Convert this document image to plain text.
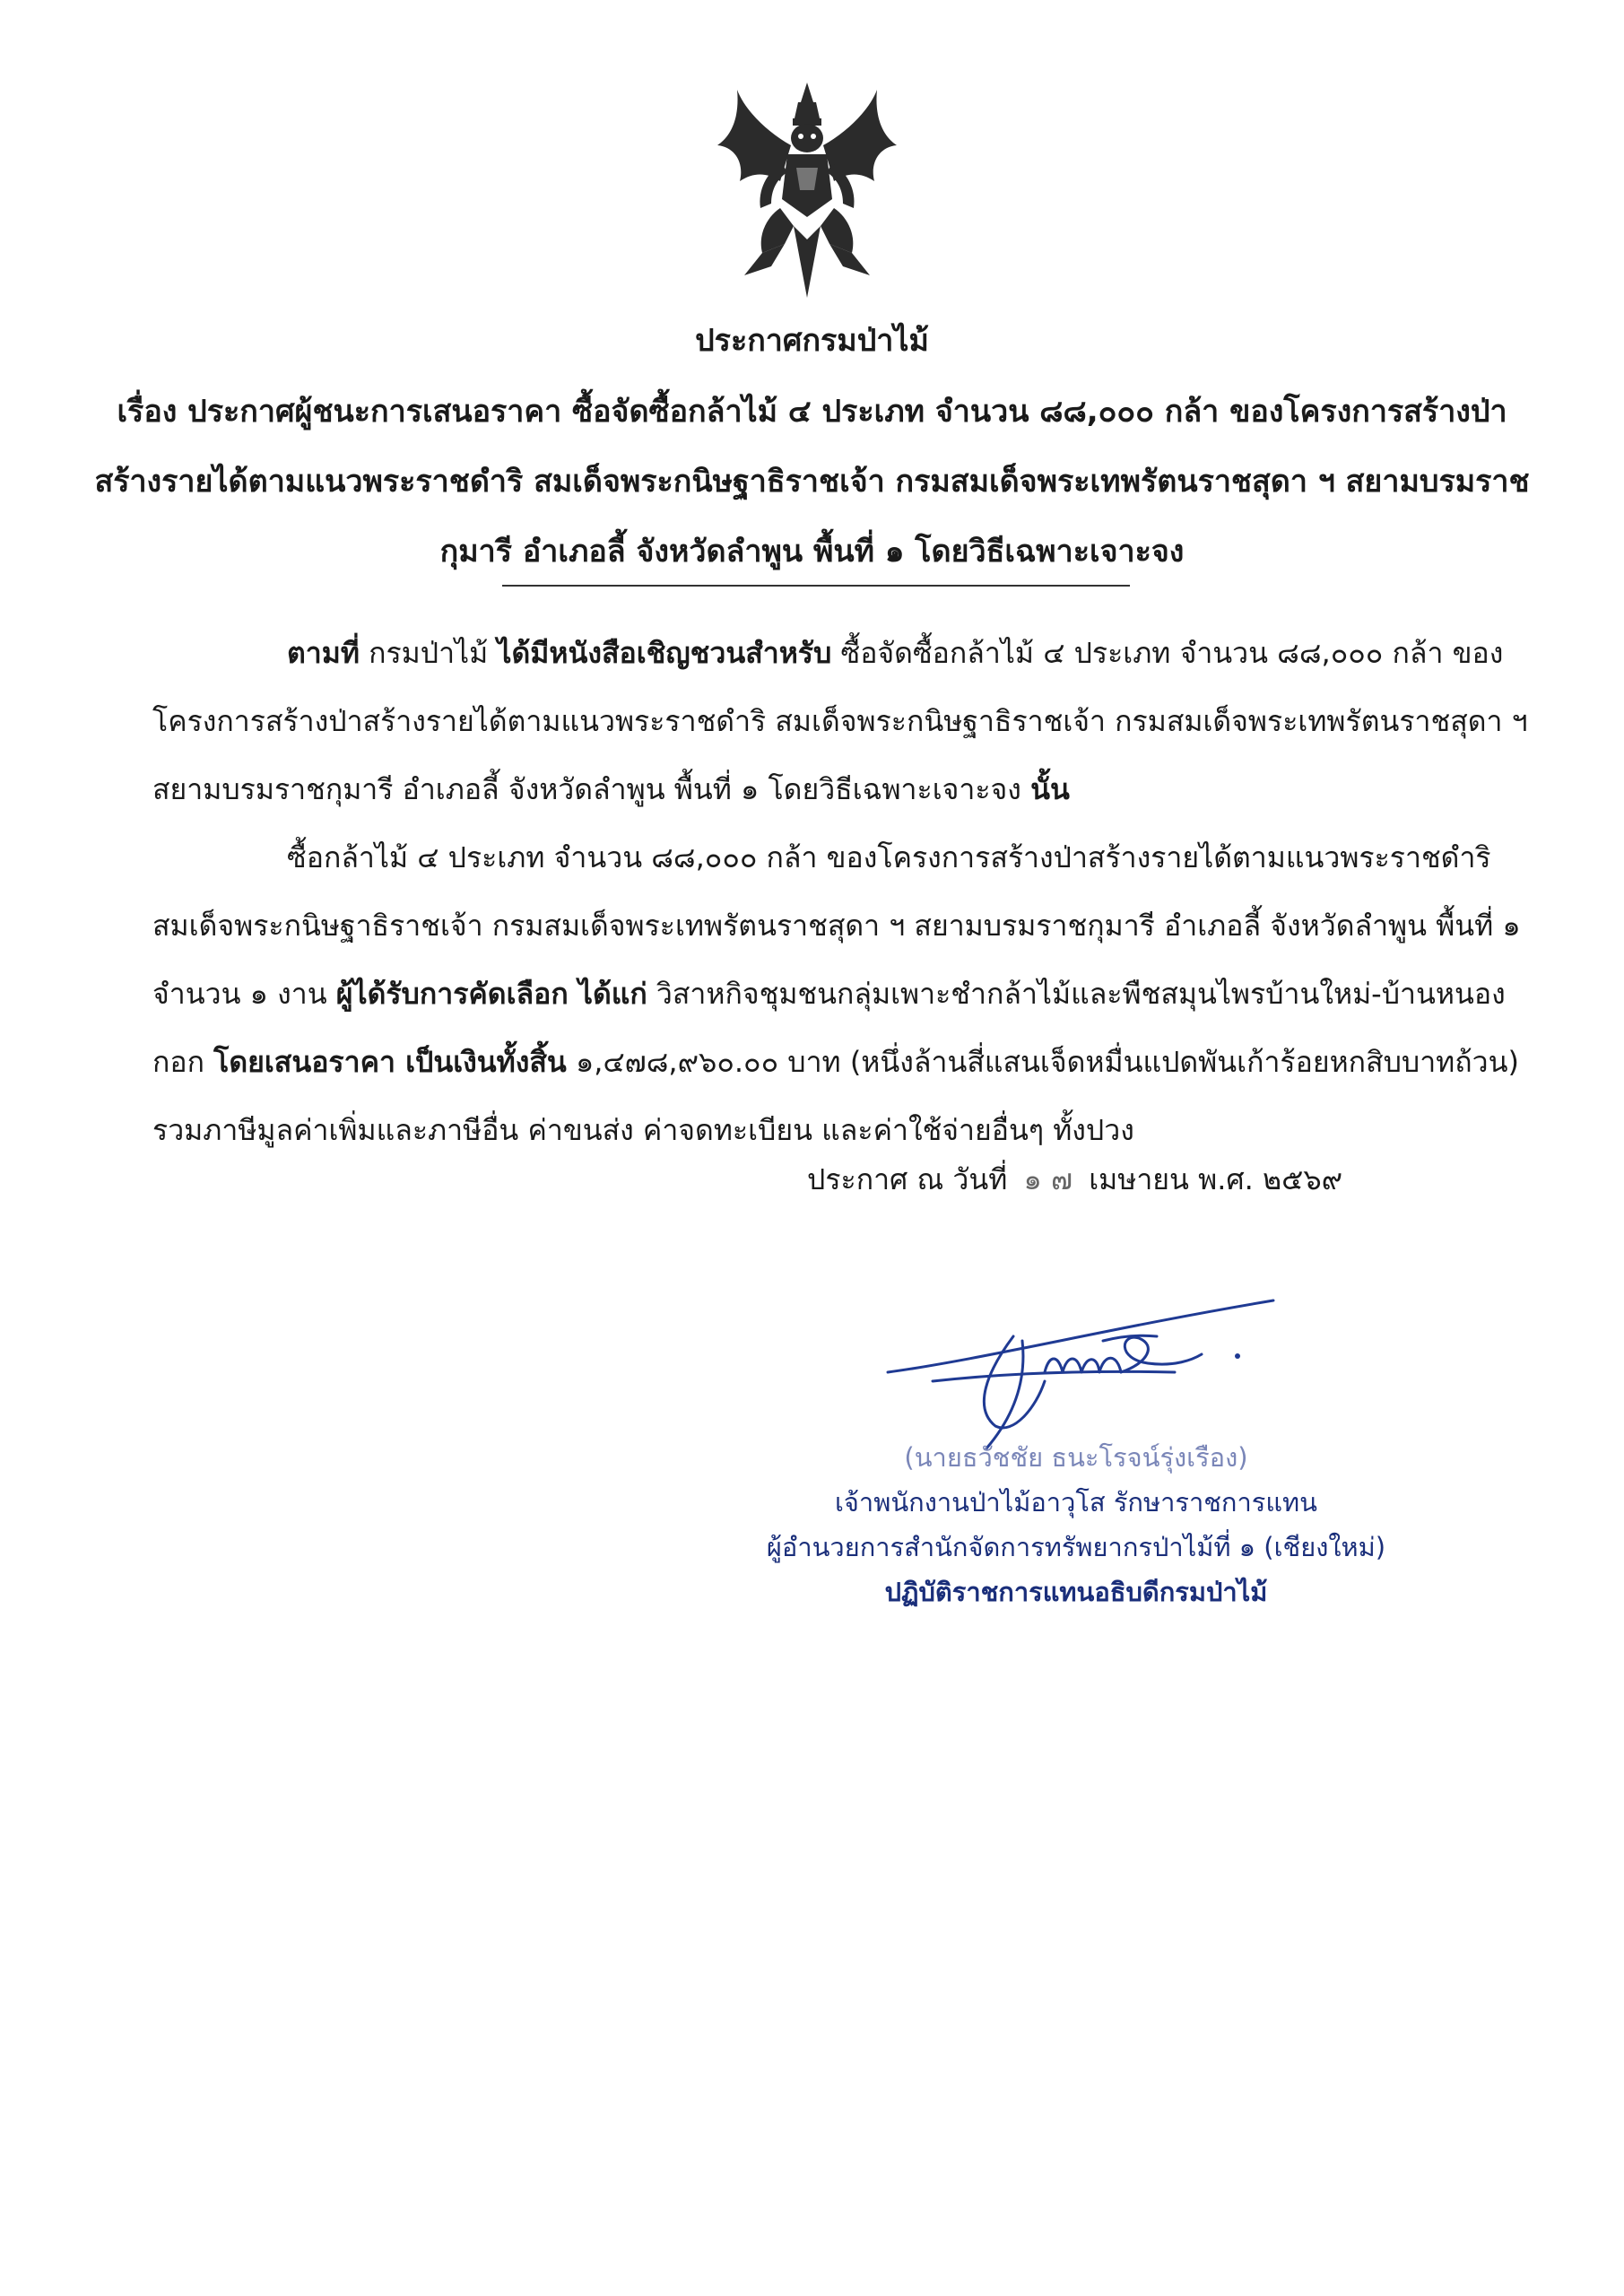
ประกาศกรมป่าไม้
เรื่อง ประกาศผู้ชนะการเสนอราคา ซื้อจัดซื้อกล้าไม้ ๔ ประเภท จำนวน ๘๘,๐๐๐ กล้า ของโครงการสร้างป่า
สร้างรายได้ตามแนวพระราชดำริ สมเด็จพระกนิษฐาธิราชเจ้า กรมสมเด็จพระเทพรัตนราชสุดา ฯ สยามบรมราช
กุมารี อำเภอลี้ จังหวัดลำพูน พื้นที่ ๑ โดยวิธีเฉพาะเจาะจง
ตามที่ กรมป่าไม้ ได้มีหนังสือเชิญชวนสำหรับ ซื้อจัดซื้อกล้าไม้ ๔ ประเภท จำนวน ๘๘,๐๐๐ กล้า ของ
โครงการสร้างป่าสร้างรายได้ตามแนวพระราชดำริ สมเด็จพระกนิษฐาธิราชเจ้า กรมสมเด็จพระเทพรัตนราชสุดา ฯ
สยามบรมราชกุมารี อำเภอลี้ จังหวัดลำพูน พื้นที่ ๑ โดยวิธีเฉพาะเจาะจง นั้น
ซื้อกล้าไม้ ๔ ประเภท จำนวน ๘๘,๐๐๐ กล้า ของโครงการสร้างป่าสร้างรายได้ตามแนวพระราชดำริ
สมเด็จพระกนิษฐาธิราชเจ้า กรมสมเด็จพระเทพรัตนราชสุดา ฯ สยามบรมราชกุมารี อำเภอลี้ จังหวัดลำพูน พื้นที่ ๑
จำนวน ๑ งาน ผู้ได้รับการคัดเลือก ได้แก่ วิสาหกิจชุมชนกลุ่มเพาะชำกล้าไม้และพืชสมุนไพรบ้านใหม่-บ้านหนอง
กอก โดยเสนอราคา เป็นเงินทั้งสิ้น ๑,๔๗๘,๙๖๐.๐๐ บาท (หนึ่งล้านสี่แสนเจ็ดหมื่นแปดพันเก้าร้อยหกสิบบาทถ้วน)
รวมภาษีมูลค่าเพิ่มและภาษีอื่น ค่าขนส่ง ค่าจดทะเบียน และค่าใช้จ่ายอื่นๆ ทั้งปวง
ประกาศ ณ วันที่ ๑ ๗ เมษายน พ.ศ. ๒๕๖๙
(นายธวัชชัย ธนะโรจน์รุ่งเรือง)
เจ้าพนักงานป่าไม้อาวุโส รักษาราชการแทน
ผู้อำนวยการสำนักจัดการทรัพยากรป่าไม้ที่ ๑ (เชียงใหม่)
ปฏิบัติราชการแทนอธิบดีกรมป่าไม้
